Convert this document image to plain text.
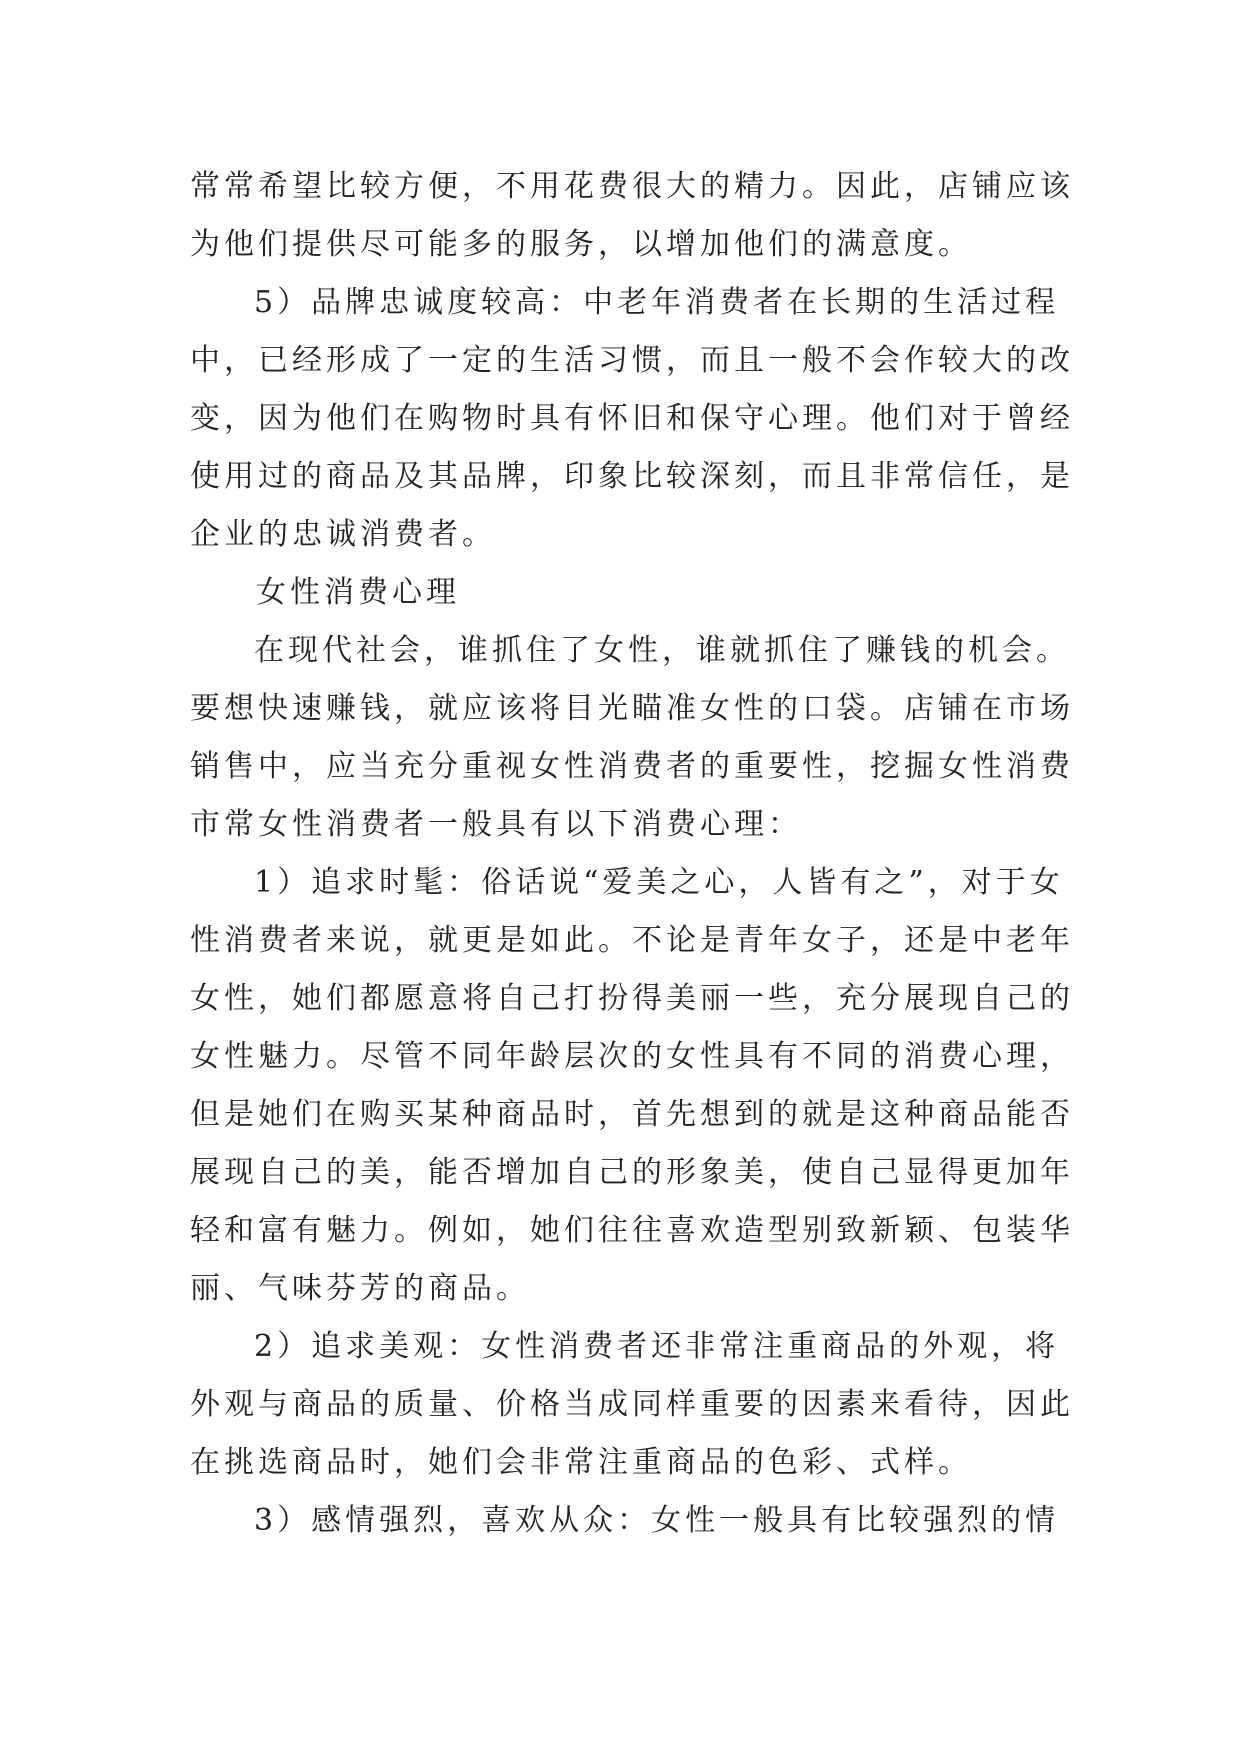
常常希望比较方便，不用花费很大的精力。因此，店铺应该
为他们提供尽可能多的服务，以增加他们的满意度。
5）品牌忠诚度较高：中老年消费者在长期的生活过程
中，已经形成了一定的生活习惯，而且一般不会作较大的改
变，因为他们在购物时具有怀旧和保守心理。他们对于曾经
使用过的商品及其品牌，印象比较深刻，而且非常信任，是
企业的忠诚消费者。
女性消费心理
在现代社会，谁抓住了女性，谁就抓住了赚钱的机会。
要想快速赚钱，就应该将目光瞄准女性的口袋。店铺在市场
销售中，应当充分重视女性消费者的重要性，挖掘女性消费
市常女性消费者一般具有以下消费心理：
1）追求时髦：俗话说“爱美之心，人皆有之”，对于女
性消费者来说，就更是如此。不论是青年女子，还是中老年
女性，她们都愿意将自己打扮得美丽一些，充分展现自己的
女性魅力。尽管不同年龄层次的女性具有不同的消费心理，
但是她们在购买某种商品时，首先想到的就是这种商品能否
展现自己的美，能否增加自己的形象美，使自己显得更加年
轻和富有魅力。例如，她们往往喜欢造型别致新颖、包装华
丽、气味芬芳的商品。
2）追求美观：女性消费者还非常注重商品的外观，将
外观与商品的质量、价格当成同样重要的因素来看待，因此
在挑选商品时，她们会非常注重商品的色彩、式样。
3）感情强烈，喜欢从众：女性一般具有比较强烈的情
